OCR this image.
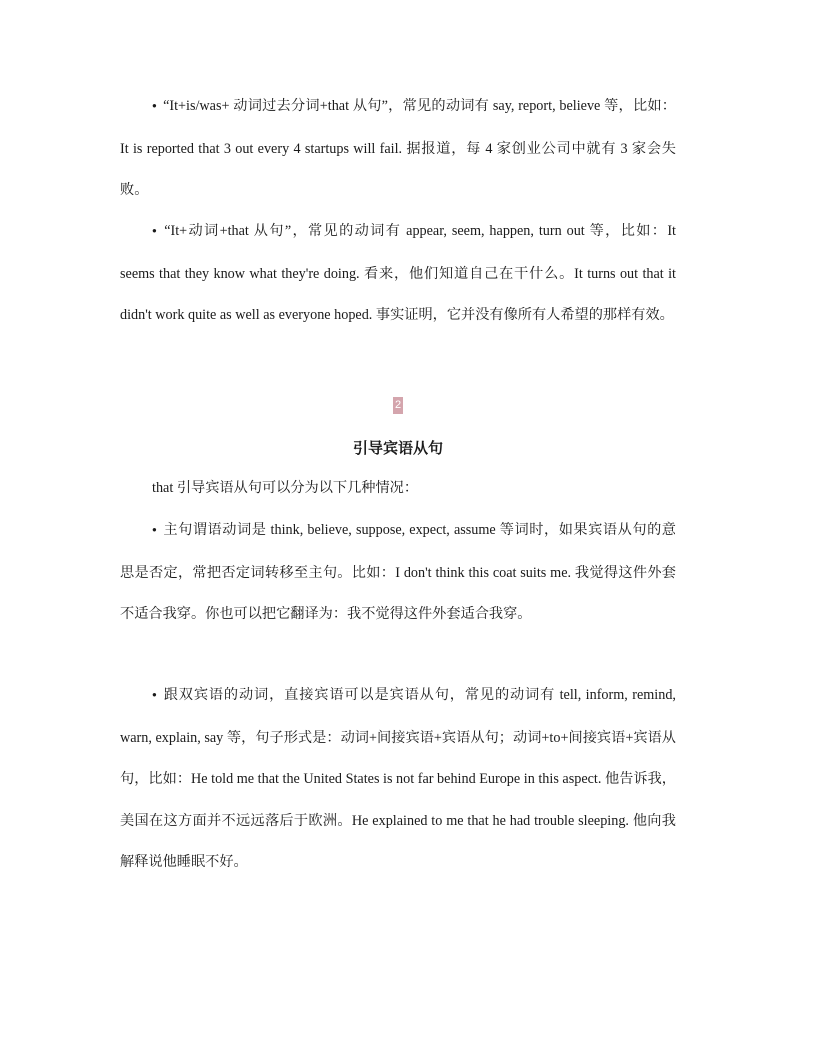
● “It+is/was+ 动词过去分词+that 从句”，常见的动词有 say, report, believe 等，比如：It is reported that 3 out every 4 startups will fail. 据报道，每 4 家创业公司中就有 3 家会失败。

● “It+动词+that 从句”，常见的动词有 appear, seem, happen, turn out 等，比如：It seems that they know what they're doing. 看来，他们知道自己在干什么。It turns out that it didn't work quite as well as everyone hoped. 事实证明，它并没有像所有人希望的那样有效。

2
引导宾语从句

that 引导宾语从句可以分为以下几种情况：

● 主句谓语动词是 think, believe, suppose, expect, assume 等词时，如果宾语从句的意思是否定，常把否定词转移至主句。比如：I don't think this coat suits me. 我觉得这件外套不适合我穿。你也可以把它翻译为：我不觉得这件外套适合我穿。

● 跟双宾语的动词，直接宾语可以是宾语从句，常见的动词有 tell, inform, remind, warn, explain, say 等，句子形式是：动词+间接宾语+宾语从句；动词+to+间接宾语+宾语从句，比如：He told me that the United States is not far behind Europe in this aspect. 他告诉我，美国在这方面并不远远落后于欧洲。He explained to me that he had trouble sleeping. 他向我解释说他睡眠不好。
